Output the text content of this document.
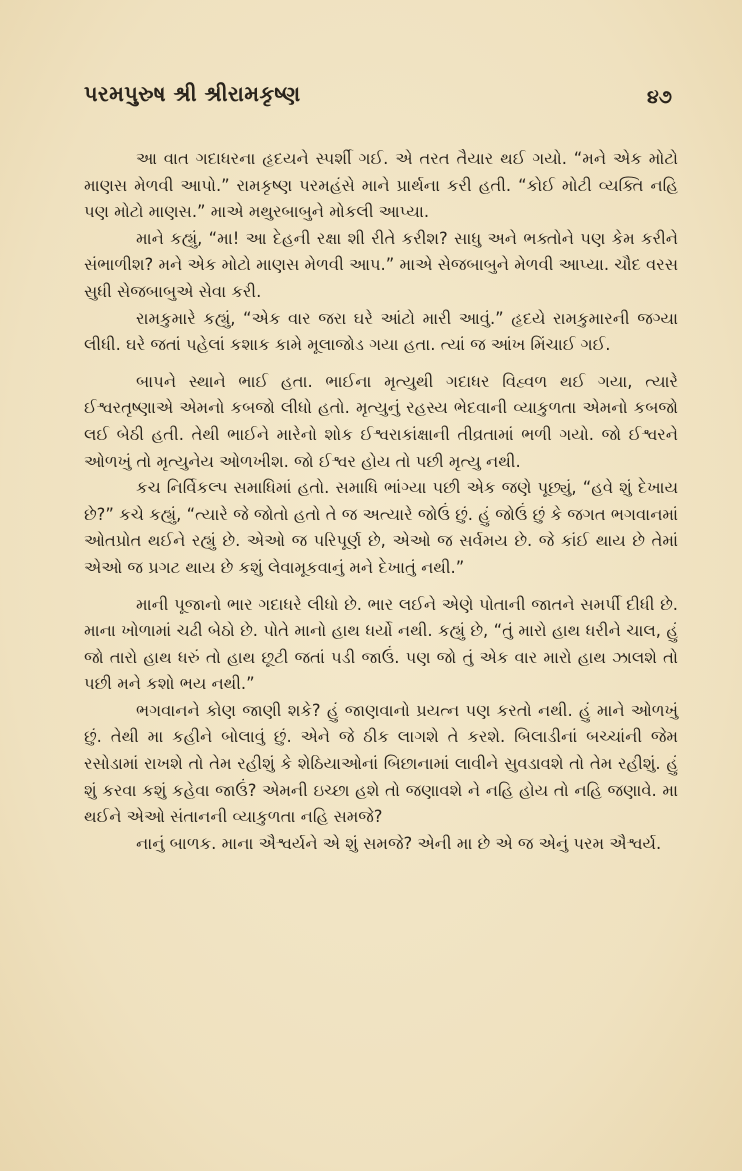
પરમપુરુષ શ્રી શ્રીરામકૃષ્ણ	૪૭

આ વાત ગદાધરના હૃદયને સ્પર્શી ગઈ. એ તરત તૈયાર થઈ ગયો. “મને એક મોટો માણસ મેળવી આપો.” રામકૃષ્ણ પરમહંસે માને પ્રાર્થના કરી હતી. “કોઈ મોટી વ્યક્તિ નહિ પણ મોટો માણસ.” માએ મથુરબાબુને મોકલી આપ્યા.

માને કહ્યું, “મા! આ દેહની રક્ષા શી રીતે કરીશ? સાધુ અને ભક્તોને પણ કેમ કરીને સંભાળીશ? મને એક મોટો માણસ મેળવી આપ.” માએ સેજબાબુને મેળવી આપ્યા. ચૌદ વરસ સુધી સેજબાબુએ સેવા કરી.

રામકુમારે કહ્યું, “એક વાર જરા ઘરે આંટો મારી આવું.” હૃદયે રામકુમારની જગ્યા લીધી. ઘરે જતાં પહેલાં કશાક કામે મૂલાજોડ ગયા હતા. ત્યાં જ આંખ મિંચાઈ ગઈ.

બાપને સ્થાને ભાઈ હતા. ભાઈના મૃત્યુથી ગદાધર વિહ્વળ થઈ ગયા, ત્યારે ઈશ્વરતૃષ્ણાએ એમનો કબજો લીધો હતો. મૃત્યુનું રહસ્ય ભેદવાની વ્યાકુળતા એમનો કબજો લઈ બેઠી હતી. તેથી ભાઈને મારેનો શોક ઈશ્વરાકાંક્ષાની તીવ્રતામાં ભળી ગયો. જો ઈશ્વરને ઓળખું તો મૃત્યુનેય ઓળખીશ. જો ઈશ્વર હોય તો પછી મૃત્યુ નથી.

કચ નિર્વિકલ્પ સમાધિમાં હતો. સમાધિ ભાંગ્યા પછી એક જણે પૂછ્યું, “હવે શું દેખાય છે?” કચે કહ્યું, “ત્યારે જે જોતો હતો તે જ અત્યારે જોઉં છું. હું જોઉં છું કે જગત ભગવાનમાં ઓતપ્રોત થઈને રહ્યું છે. એઓ જ પરિપૂર્ણ છે, એઓ જ સર્વમય છે. જે કાંઈ થાય છે તેમાં એઓ જ પ્રગટ થાય છે કશું લેવામૂકવાનું મને દેખાતું નથી.”

માની પૂજાનો ભાર ગદાધરે લીધો છે. ભાર લઈને એણે પોતાની જાતને સમર્પી દીધી છે. માના ખોળામાં ચઢી બેઠો છે. પોતે માનો હાથ ધર્યો નથી. કહ્યું છે, “તું મારો હાથ ધરીને ચાલ, હું જો તારો હાથ ધરું તો હાથ છૂટી જતાં પડી જાઉં. પણ જો તું એક વાર મારો હાથ ઝાલશે તો પછી મને કશો ભય નથી.”

ભગવાનને કોણ જાણી શકે? હું જાણવાનો પ્રયત્ન પણ કરતો નથી. હું માને ઓળખું છું. તેથી મા કહીને બોલાવું છું. એને જે ઠીક લાગશે તે કરશે. બિલાડીનાં બચ્ચાંની જેમ રસોડામાં રાખશે તો તેમ રહીશું કે શેઠિયાઓનાં બિછાનામાં લાવીને સુવડાવશે તો તેમ રહીશું. હું શું કરવા કશું કહેવા જાઉં? એમની ઇચ્છા હશે તો જણાવશે ને નહિ હોય તો નહિ જણાવે. મા થઈને એઓ સંતાનની વ્યાકુળતા નહિ સમજે?

નાનું બાળક. માના ઐશ્વર્યને એ શું સમજે? એની મા છે એ જ એનું પરમ ઐશ્વર્ય.
